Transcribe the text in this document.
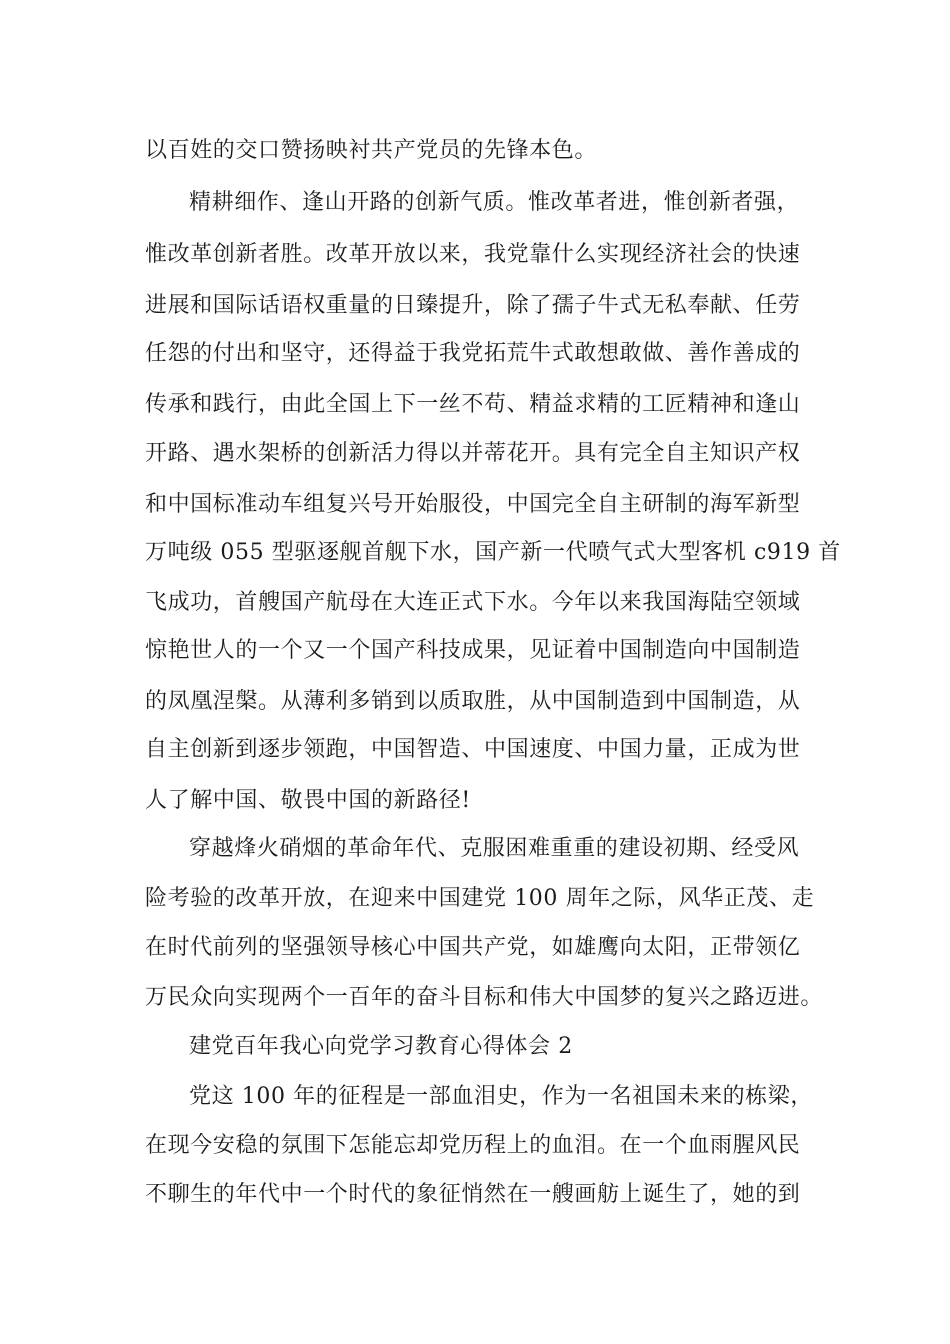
以百姓的交口赞扬映衬共产党员的先锋本色。
精耕细作、逢山开路的创新气质。惟改革者进，惟创新者强，
惟改革创新者胜。改革开放以来，我党靠什么实现经济社会的快速
进展和国际话语权重量的日臻提升，除了孺子牛式无私奉献、任劳
任怨的付出和坚守，还得益于我党拓荒牛式敢想敢做、善作善成的
传承和践行，由此全国上下一丝不苟、精益求精的工匠精神和逢山
开路、遇水架桥的创新活力得以并蒂花开。具有完全自主知识产权
和中国标准动车组复兴号开始服役，中国完全自主研制的海军新型
万吨级 055 型驱逐舰首舰下水，国产新一代喷气式大型客机 c919 首
飞成功，首艘国产航母在大连正式下水。今年以来我国海陆空领域
惊艳世人的一个又一个国产科技成果，见证着中国制造向中国制造
的凤凰涅槃。从薄利多销到以质取胜，从中国制造到中国制造，从
自主创新到逐步领跑，中国智造、中国速度、中国力量，正成为世
人了解中国、敬畏中国的新路径!
穿越烽火硝烟的革命年代、克服困难重重的建设初期、经受风
险考验的改革开放，在迎来中国建党 100 周年之际，风华正茂、走
在时代前列的坚强领导核心中国共产党，如雄鹰向太阳，正带领亿
万民众向实现两个一百年的奋斗目标和伟大中国梦的复兴之路迈进。
建党百年我心向党学习教育心得体会 2
党这 100 年的征程是一部血泪史，作为一名祖国未来的栋梁，
在现今安稳的氛围下怎能忘却党历程上的血泪。在一个血雨腥风民
不聊生的年代中一个时代的象征悄然在一艘画舫上诞生了，她的到
